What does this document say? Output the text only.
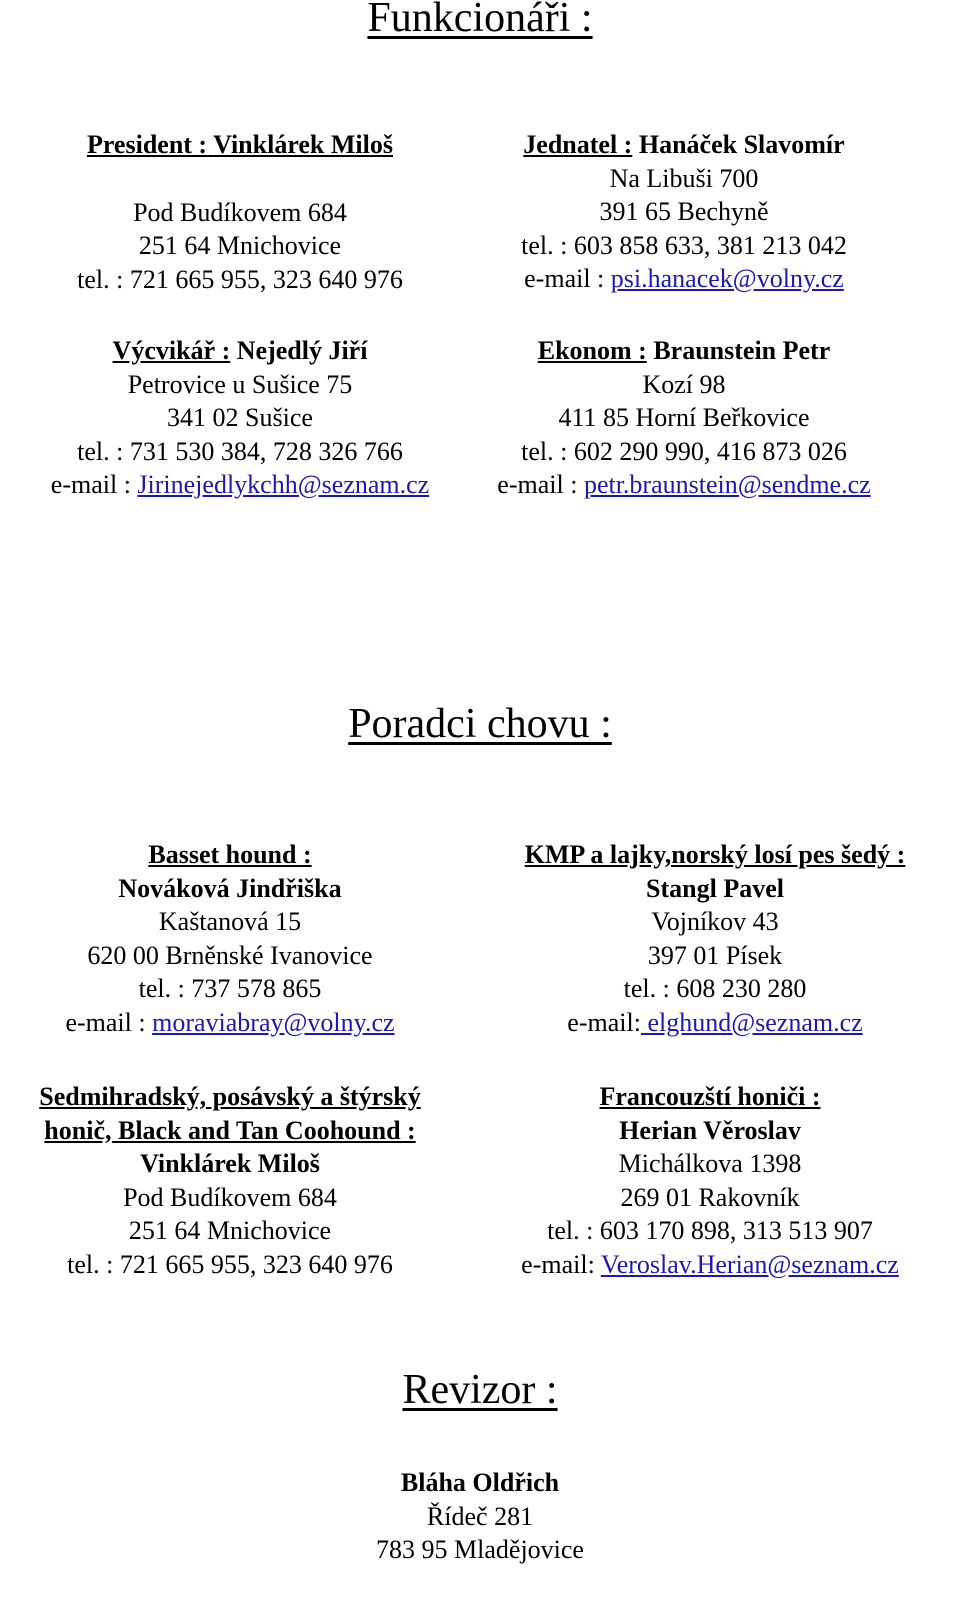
Funkcionáři :
President : Vinklárek Miloš
Pod Budíkovem 684
251 64 Mnichovice
tel. : 721 665 955, 323 640 976
Jednatel : Hanáček Slavomír
Na Libuši 700
391 65 Bechyně
tel. : 603 858 633, 381 213 042
e-mail : psi.hanacek@volny.cz
Výcvikář : Nejedlý Jiří
Petrovice u Sušice 75
341 02 Sušice
tel. : 731 530 384, 728 326 766
e-mail : Jirinejedlykchh@seznam.cz
Ekonom : Braunstein Petr
Kozí 98
411 85 Horní Beřkovice
tel. : 602 290 990, 416 873 026
e-mail : petr.braunstein@sendme.cz
Poradci chovu :
Basset hound :
Nováková Jindřiška
Kaštanová 15
620 00 Brněnské Ivanovice
tel. : 737 578 865
e-mail : moraviabray@volny.cz
KMP a lajky,norský losí pes šedý :
Stangl Pavel
Vojníkov 43
397 01 Písek
tel. : 608 230 280
e-mail: elghund@seznam.cz
Sedmihradský, posávský a štýrský
honič, Black and Tan Coohound :
Vinklárek Miloš
Pod Budíkovem 684
251 64 Mnichovice
tel. : 721 665 955, 323 640 976
Francouzští honiči :
Herian Věroslav
Michálkova 1398
269 01 Rakovník
tel. : 603 170 898, 313 513 907
e-mail: Veroslav.Herian@seznam.cz
Revizor :
Bláha Oldřich
Řídeč 281
783 95 Mladějovice
